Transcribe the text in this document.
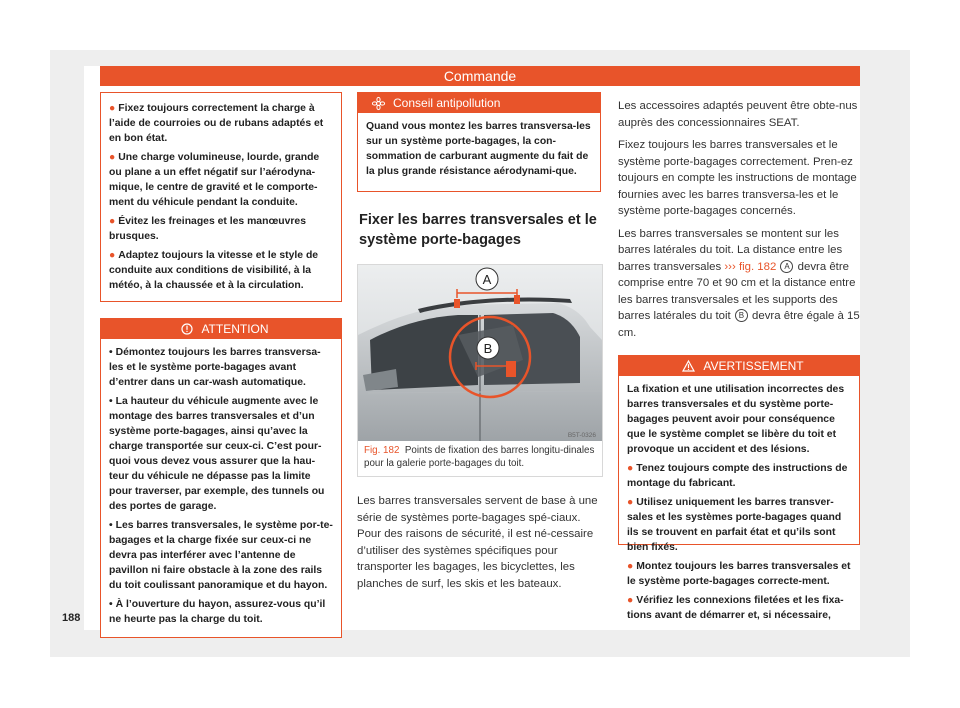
Commande
● Fixez toujours correctement la charge à l’aide de courroies ou de rubans adaptés et en bon état.
● Une charge volumineuse, lourde, grande ou plane a un effet négatif sur l’aérodyna-mique, le centre de gravité et le comporte-ment du véhicule pendant la conduite.
● Évitez les freinages et les manœuvres brusques.
● Adaptez toujours la vitesse et le style de conduite aux conditions de visibilité, à la météo, à la chaussée et à la circulation.
ATTENTION
• Démontez toujours les barres transversa-les et le système porte-bagages avant d’entrer dans un car-wash automatique.
• La hauteur du véhicule augmente avec le montage des barres transversales et d’un système porte-bagages, ainsi qu’avec la charge transportée sur ceux-ci. C’est pour-quoi vous devez vous assurer que la hau-teur du véhicule ne dépasse pas la limite pour traverser, par exemple, des tunnels ou des portes de garage.
• Les barres transversales, le système por-te-bagages et la charge fixée sur ceux-ci ne devra pas interférer avec l’antenne de pavillon ni faire obstacle à la zone des rails du toit coulissant panoramique et du hayon.
• À l’ouverture du hayon, assurez-vous qu’il ne heurte pas la charge du toit.
Conseil antipollution

Quand vous montez les barres transversa-les sur un système porte-bagages, la con-sommation de carburant augmente du fait de la plus grande résistance aérodynami-que.

Fixer les barres transversales et le système porte-bagages
A
B
B5T-0326
Fig. 182 Points de fixation des barres longitu-dinales pour la galerie porte-bagages du toit.

Les barres transversales servent de base à une série de systèmes porte-bagages spé-ciaux. Pour des raisons de sécurité, il est né-cessaire d’utiliser des systèmes spécifiques pour transporter les bagages, les bicyclettes, les planches de surf, les skis et les bateaux.

Les accessoires adaptés peuvent être obte-nus auprès des concessionnaires SEAT.

Fixez toujours les barres transversales et le système porte-bagages correctement. Pren-ez toujours en compte les instructions de montage fournies avec les barres transversa-les et le système porte-bagages concernés.

Les barres transversales se montent sur les barres latérales du toit. La distance entre les barres transversales ››› fig. 182 A devra être comprise entre 70 et 90 cm et la distance entre les barres transversales et les supports des barres latérales du toit B devra être égale à 15 cm.

AVERTISSEMENT

La fixation et une utilisation incorrectes des barres transversales et du système porte-bagages peuvent avoir pour conséquence que le système complet se libère du toit et provoque un accident et des lésions.

● Tenez toujours compte des instructions de montage du fabricant.
● Utilisez uniquement les barres transver-sales et les systèmes porte-bagages quand ils se trouvent en parfait état et qu’ils sont bien fixés.
● Montez toujours les barres transversales et le système porte-bagages correcte-ment.
● Vérifiez les connexions filetées et les fixa-tions avant de démarrer et, si nécessaire,
188
